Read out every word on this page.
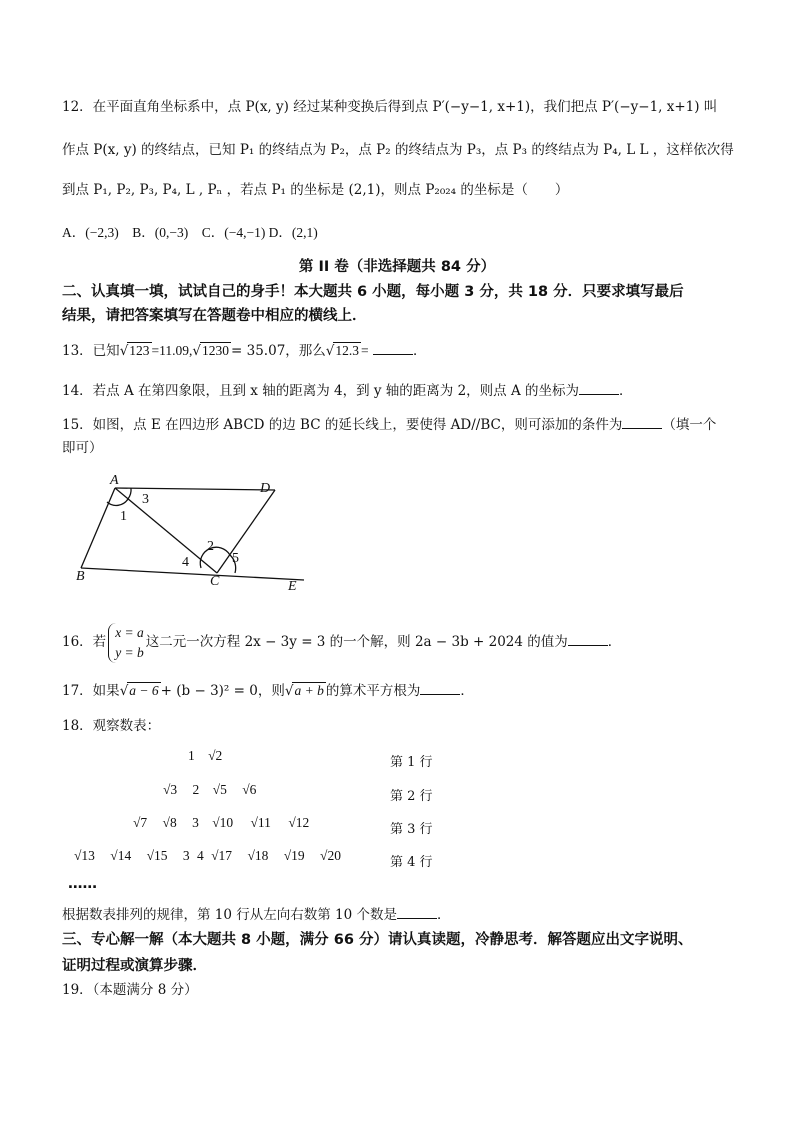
12．在平面直角坐标系中，点 P(x, y) 经过某种变换后得到点 P′(−y−1, x+1)，我们把点 P′(−y−1, x+1) 叫
作点 P(x, y) 的终结点，已知 P₁ 的终结点为 P₂，点 P₂ 的终结点为 P₃，点 P₃ 的终结点为 P₄, L L ，这样依次得
到点 P₁, P₂, P₃, P₄, L , Pₙ ，若点 P₁ 的坐标是 (2,1)，则点 P₂₀₂₄ 的坐标是（　　）
A．(−2,3)　B．(0,−3)　C．(−4,−1) D．(2,1)
第 II 卷（非选择题共 84 分）
二、认真填一填，试试自己的身手！本大题共 6 小题，每小题 3 分，共 18 分．只要求填写最后
结果，请把答案填写在答题卷中相应的横线上．
13．已知√123 =11.09,√1230 = 35.07，那么√12.3 =	．
14．若点 A 在第四象限，且到 x 轴的距离为 4，到 y 轴的距离为 2，则点 A 的坐标为	．
15．如图，点 E 在四边形 ABCD 的边 BC 的延长线上，要使得 AD//BC，则可添加的条件为	（填一个
即可）
A
D
B	C	E
1
2
3
4	5
16．若x = a
y = b这二元一次方程 2x − 3y = 3 的一个解，则 2a − 3b + 2024 的值为	．
17．如果√a − 6 + (b − 3)² = 0，则√a + b 的算术平方根为	．
18．观察数表：
1 √2	第 1 行
√3 2 √5 √6	第 2 行
√7 √8 3 √10 √11 √12	第 3 行
√13 √14 √15 3 4 √17 √18 √19 √20	第 4 行
……
根据数表排列的规律，第 10 行从左向右数第 10 个数是	．
三、专心解一解（本大题共 8 小题，满分 66 分）请认真读题，冷静思考．解答题应出文字说明、
证明过程或演算步骤．
19．（本题满分 8 分）
